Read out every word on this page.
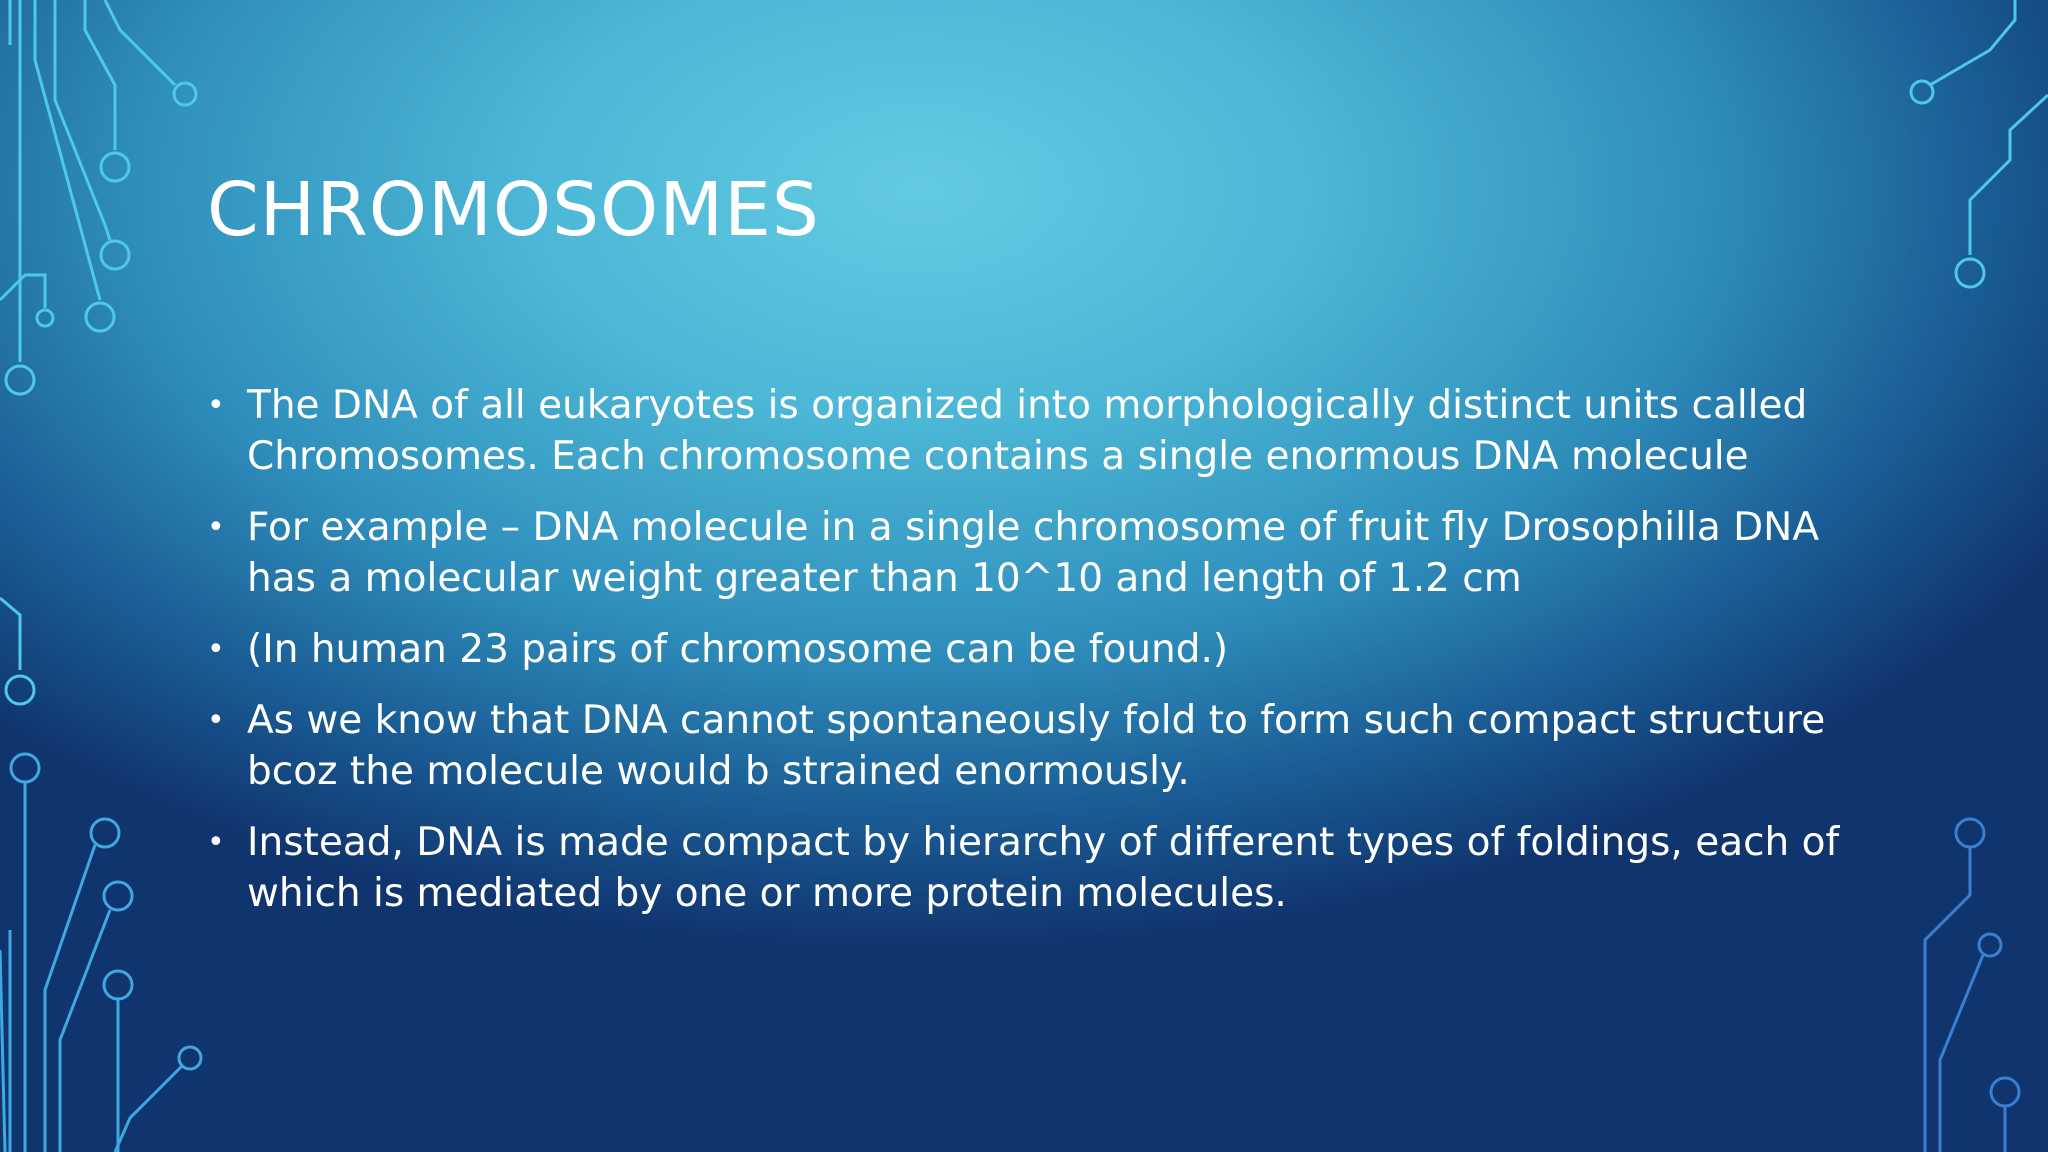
CHROMOSOMES
• The DNA of all eukaryotes is organized into morphologically distinct units called Chromosomes. Each chromosome contains a single enormous DNA molecule
• For example – DNA molecule in a single chromosome of fruit fly Drosophilla DNA has a molecular weight greater than 10^10 and length of 1.2 cm
• (In human 23 pairs of chromosome can be found.)
• As we know that DNA cannot spontaneously fold to form such compact structure bcoz the molecule would b strained enormously.
• Instead, DNA is made compact by hierarchy of different types of foldings, each of which is mediated by one or more protein molecules.
